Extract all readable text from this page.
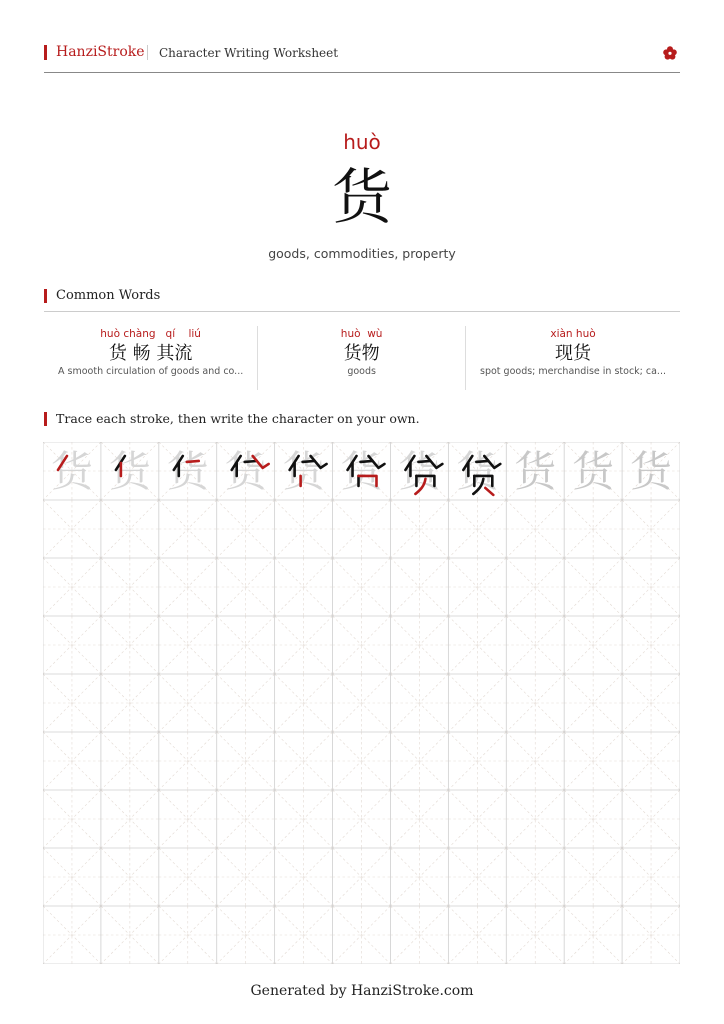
HanziStroke Character Writing Worksheet
huò
货
goods, commodities, property
Common Words
huò chàng   qí    liú
货 畅 其流
A smooth circulation of goods and co...
huò  wù
货物
goods
xiàn huò
现货
spot goods; merchandise in stock; ca...
Trace each stroke, then write the character on your own.
货 货 货 货 货 货 货 货 货 货 货
Generated by HanziStroke.com
